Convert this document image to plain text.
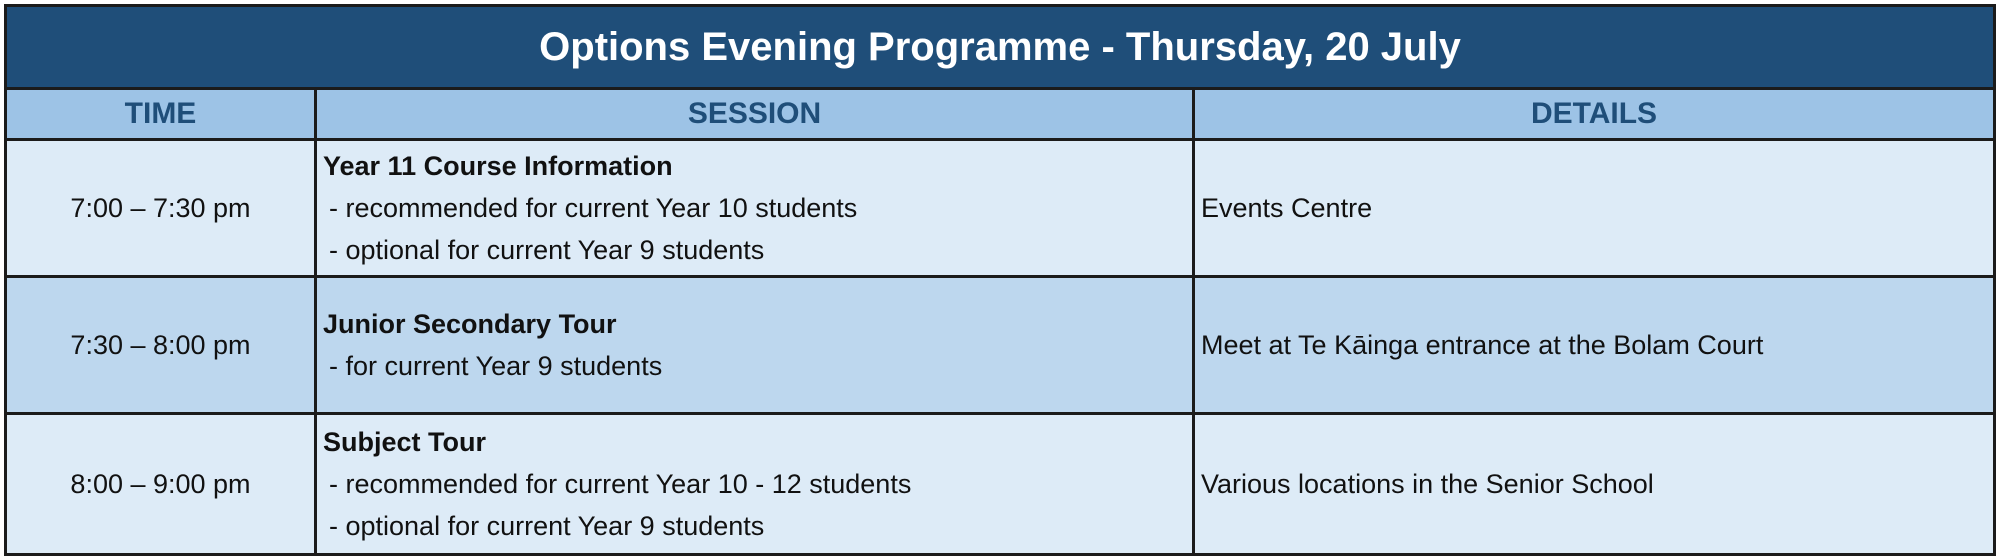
Options Evening Programme - Thursday, 20 July
TIME	SESSION	DETAILS
7:00 – 7:30 pm
Year 11 Course Information
- recommended for current Year 10 students
- optional for current Year 9 students
Events Centre
7:30 – 8:00 pm
Junior Secondary Tour
- for current Year 9 students
Meet at Te Kāinga entrance at the Bolam Court
8:00 – 9:00 pm
Subject Tour
- recommended for current Year 10 - 12 students
- optional for current Year 9 students
Various locations in the Senior School
